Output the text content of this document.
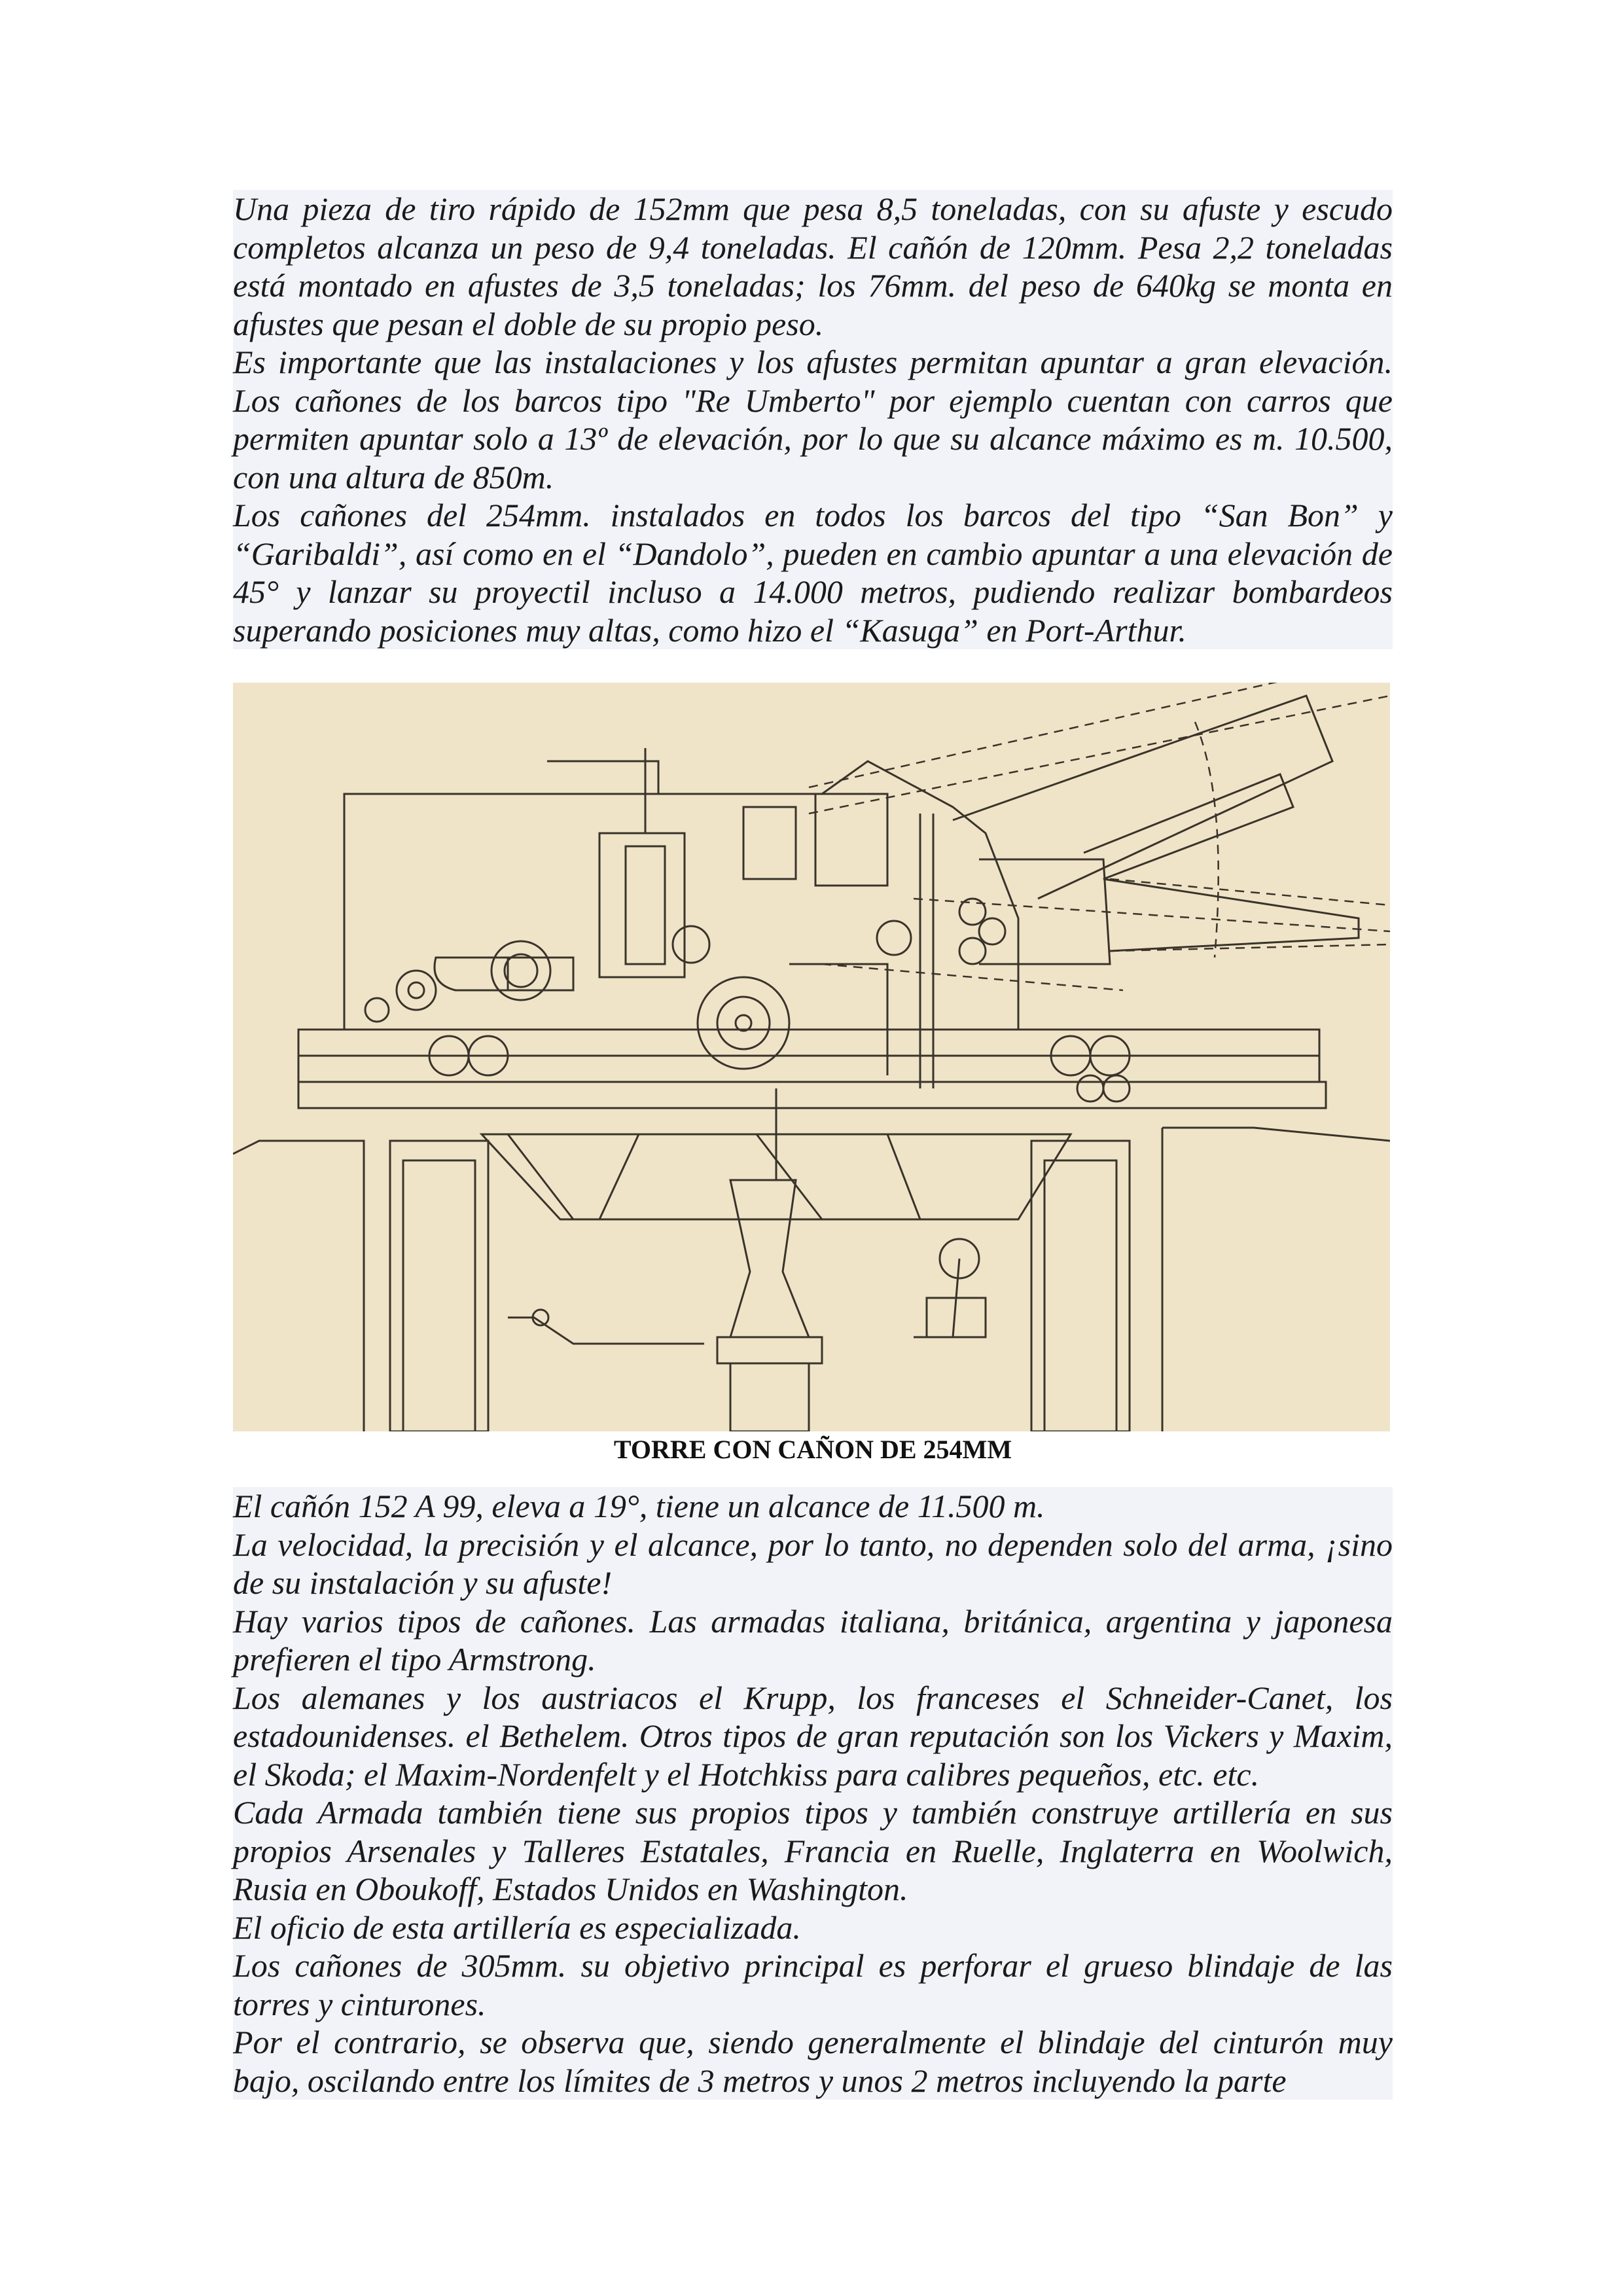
Una pieza de tiro rápido de 152mm que pesa 8,5 toneladas, con su afuste y escudo completos alcanza un peso de 9,4 toneladas. El cañón de 120mm. Pesa 2,2 toneladas está montado en afustes de 3,5 toneladas; los 76mm. del peso de 640kg se monta en afustes que pesan el doble de su propio peso.

Es importante que las instalaciones y los afustes permitan apuntar a gran elevación. Los cañones de los barcos tipo "Re Umberto" por ejemplo cuentan con carros que permiten apuntar solo a 13º de elevación, por lo que su alcance máximo es m. 10.500, con una altura de 850m.

Los cañones del 254mm. instalados en todos los barcos del tipo “San Bon” y “Garibaldi”, así como en el “Dandolo”, pueden en cambio apuntar a una elevación de 45° y lanzar su proyectil incluso a 14.000 metros, pudiendo realizar bombardeos superando posiciones muy altas, como hizo el “Kasuga” en Port-Arthur.

TORRE CON CAÑON DE 254MM

El cañón 152 A 99, eleva a 19°, tiene un alcance de 11.500 m.

La velocidad, la precisión y el alcance, por lo tanto, no dependen solo del arma, ¡sino de su instalación y su afuste!

Hay varios tipos de cañones. Las armadas italiana, británica, argentina y japonesa prefieren el tipo Armstrong.

Los alemanes y los austriacos el Krupp, los franceses el Schneider-Canet, los estadounidenses. el Bethelem. Otros tipos de gran reputación son los Vickers y Maxim, el Skoda; el Maxim-Nordenfelt y el Hotchkiss para calibres pequeños, etc. etc.

Cada Armada también tiene sus propios tipos y también construye artillería en sus propios Arsenales y Talleres Estatales, Francia en Ruelle, Inglaterra en Woolwich, Rusia en Oboukoff, Estados Unidos en Washington.

El oficio de esta artillería es especializada.

Los cañones de 305mm. su objetivo principal es perforar el grueso blindaje de las torres y cinturones.

Por el contrario, se observa que, siendo generalmente el blindaje del cinturón muy bajo, oscilando entre los límites de 3 metros y unos 2 metros incluyendo la parte
